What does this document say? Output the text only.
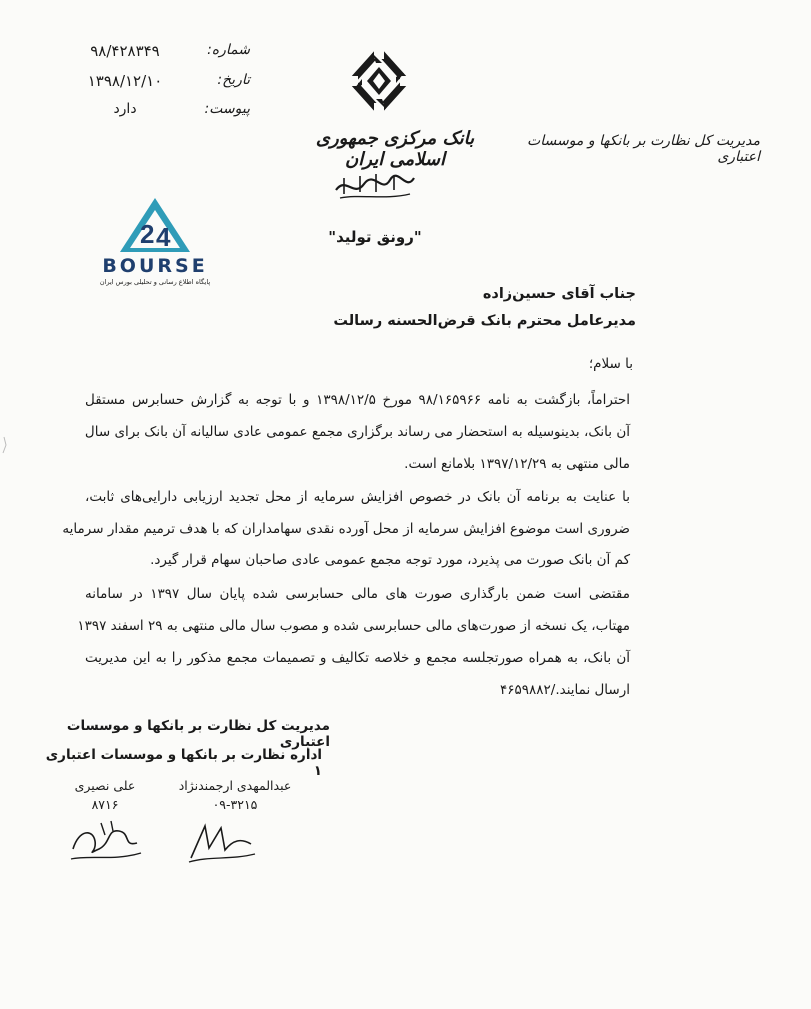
۹۸/۴۲۸۳۴۹	شماره:
۱۳۹۸/۱۲/۱۰	تاریخ:
دارد	پیوست:
بانک مرکزی جمهوری اسلامی ایران
"رونق تولید"
مدیریت کل نظارت بر بانکها و موسسات اعتباری
2 4
BOURSE
پایگاه اطلاع رسانی و تحلیلی بورس ایران
جناب آقای حسین‌زاده
مدیرعامل محترم بانک قرض‌الحسنه رسالت
با سلام؛
احتراماً، بازگشت به نامه ۹۸/۱۶۵۹۶۶ مورخ ۱۳۹۸/۱۲/۵ و با توجه به گزارش حسابرس مستقل
آن بانک، بدینوسیله به استحضار می رساند برگزاری مجمع عمومی عادی سالیانه آن بانک برای سال
مالی منتهی به ۱۳۹۷/۱۲/۲۹ بلامانع است.
با عنایت به برنامه آن بانک در خصوص افزایش سرمایه از محل تجدید ارزیابی دارایی‌های ثابت،
ضروری است موضوع افزایش سرمایه از محل آورده نقدی سهامداران که با هدف ترمیم مقدار سرمایه
کم آن بانک صورت می پذیرد، مورد توجه مجمع عمومی عادی صاحبان سهام قرار گیرد.
مقتضی است ضمن بارگذاری صورت های مالی حسابرسی شده پایان سال ۱۳۹۷ در سامانه
مهتاب، یک نسخه از صورت‌های مالی حسابرسی شده و مصوب سال مالی منتهی به ۲۹ اسفند ۱۳۹۷
آن بانک، به همراه صورتجلسه مجمع و خلاصه تکالیف و تصمیمات مجمع مذکور را به این مدیریت
ارسال نمایند./۴۶۵۹۸۸۲
مدیریت کل نظارت بر بانکها و موسسات اعتباری
اداره نظارت بر بانکها و موسسات اعتباری ۱
علی نصیری
۸۷۱۶
عبدالمهدی ارجمندنژاد
۰۹-۳۲۱۵
